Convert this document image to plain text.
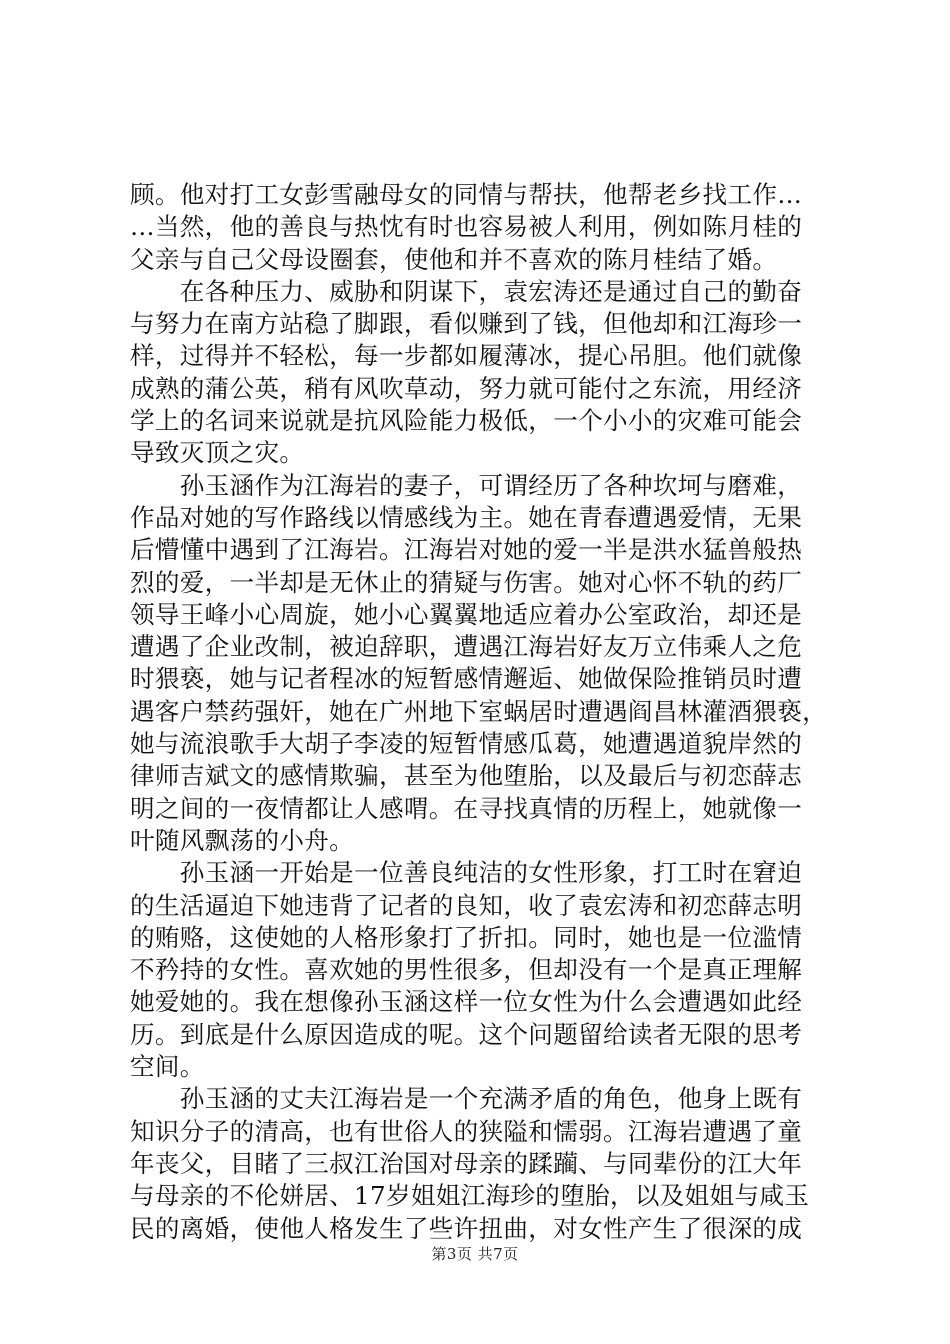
顾。他对打工女彭雪融母女的同情与帮扶，他帮老乡找工作…
…当然，他的善良与热忱有时也容易被人利用，例如陈月桂的
父亲与自己父母设圈套，使他和并不喜欢的陈月桂结了婚。
　　在各种压力、威胁和阴谋下，袁宏涛还是通过自己的勤奋
与努力在南方站稳了脚跟，看似赚到了钱，但他却和江海珍一
样，过得并不轻松，每一步都如履薄冰，提心吊胆。他们就像
成熟的蒲公英，稍有风吹草动，努力就可能付之东流，用经济
学上的名词来说就是抗风险能力极低，一个小小的灾难可能会
导致灭顶之灾。
　　孙玉涵作为江海岩的妻子，可谓经历了各种坎坷与磨难，
作品对她的写作路线以情感线为主。她在青春遭遇爱情，无果
后懵懂中遇到了江海岩。江海岩对她的爱一半是洪水猛兽般热
烈的爱，一半却是无休止的猜疑与伤害。她对心怀不轨的药厂
领导王峰小心周旋，她小心翼翼地适应着办公室政治，却还是
遭遇了企业改制，被迫辞职，遭遇江海岩好友万立伟乘人之危
时猥亵，她与记者程冰的短暂感情邂逅、她做保险推销员时遭
遇客户禁药强奸，她在广州地下室蜗居时遭遇阎昌林灌酒猥亵，
她与流浪歌手大胡子李凌的短暂情感瓜葛，她遭遇道貌岸然的
律师吉斌文的感情欺骗，甚至为他堕胎，以及最后与初恋薛志
明之间的一夜情都让人感喟。在寻找真情的历程上，她就像一
叶随风飘荡的小舟。
　　孙玉涵一开始是一位善良纯洁的女性形象，打工时在窘迫
的生活逼迫下她违背了记者的良知，收了袁宏涛和初恋薛志明
的贿赂，这使她的人格形象打了折扣。同时，她也是一位滥情
不矜持的女性。喜欢她的男性很多，但却没有一个是真正理解
她爱她的。我在想像孙玉涵这样一位女性为什么会遭遇如此经
历。到底是什么原因造成的呢。这个问题留给读者无限的思考
空间。
　　孙玉涵的丈夫江海岩是一个充满矛盾的角色，他身上既有
知识分子的清高，也有世俗人的狭隘和懦弱。江海岩遭遇了童
年丧父，目睹了三叔江治国对母亲的蹂躏、与同辈份的江大年
与母亲的不伦姘居、17岁姐姐江海珍的堕胎，以及姐姐与咸玉
民的离婚，使他人格发生了些许扭曲，对女性产生了很深的成
第3页 共7页
